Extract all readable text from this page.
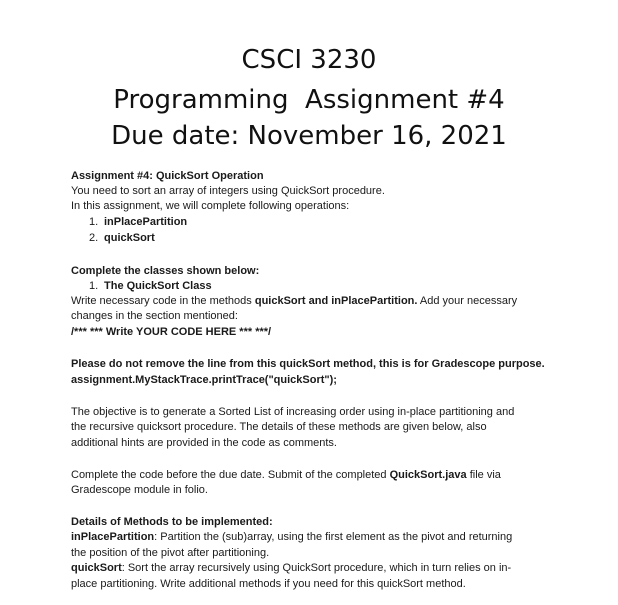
CSCI 3230
Programming  Assignment #4
Due date: November 16, 2021
Assignment #4: QuickSort Operation
You need to sort an array of integers using QuickSort procedure.
In this assignment, we will complete following operations:
1. inPlacePartition
2. quickSort
Complete the classes shown below:
1. The QuickSort Class
Write necessary code in the methods quickSort and inPlacePartition. Add your necessary
changes in the section mentioned:
/*** *** Write YOUR CODE HERE *** ***/
Please do not remove the line from this quickSort method, this is for Gradescope purpose.
assignment.MyStackTrace.printTrace("quickSort");
The objective is to generate a Sorted List of increasing order using in-place partitioning and
the recursive quicksort procedure. The details of these methods are given below, also
additional hints are provided in the code as comments.
Complete the code before the due date. Submit of the completed QuickSort.java file via
Gradescope module in folio.
Details of Methods to be implemented:
inPlacePartition: Partition the (sub)array, using the first element as the pivot and returning
the position of the pivot after partitioning.
quickSort: Sort the array recursively using QuickSort procedure, which in turn relies on in-
place partitioning. Write additional methods if you need for this quickSort method.
